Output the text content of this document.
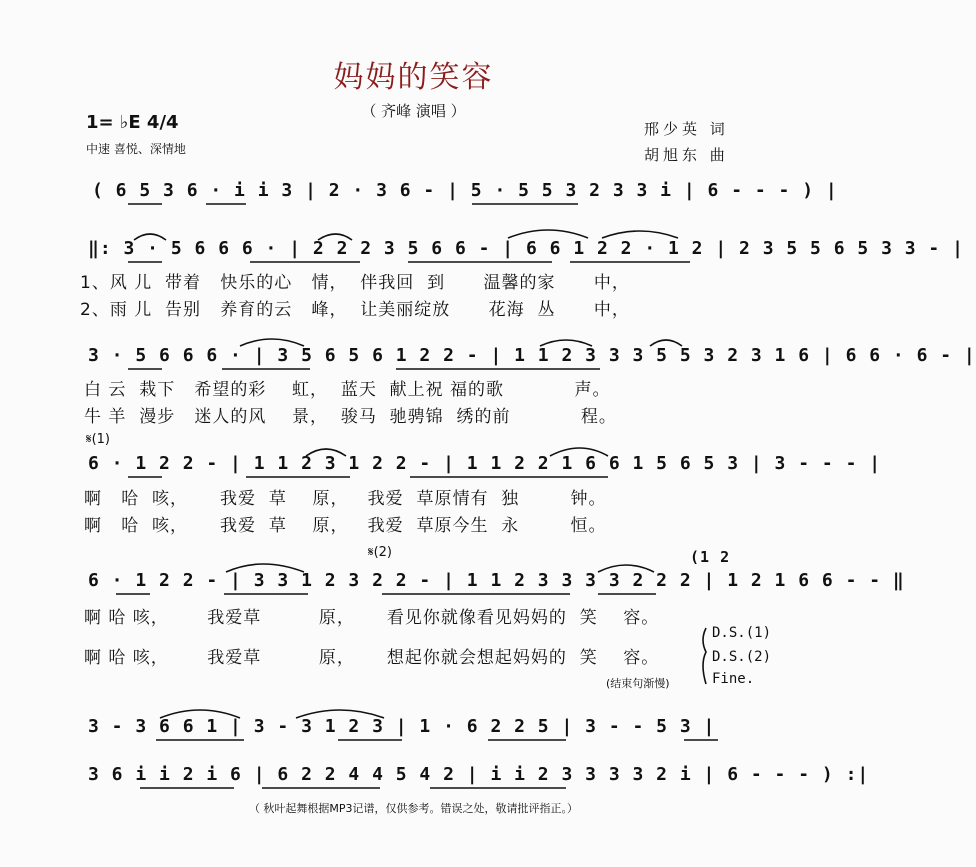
妈妈的笑容
（ 齐峰 演唱 ）
1= ♭E 4/4
中速 喜悦、深情地
邢少英 词
胡旭东 曲
( 6 5 3 6 · i i 3 | 2 · 3 6 - | 5 · 5 5 3 2 3 3 i | 6 - - - ) |
‖: 3 · 5 6 6 6 · | 2 2 2 3 5 6 6 - | 6 6 1 2 2 · 1 2 | 2 3 5 5 6 5 3 3 - |
1、风 儿  带着   快乐的心   情，  伴我回  到      温馨的家      中，
2、雨 儿  告别   养育的云   峰，  让美丽绽放      花海  丛      中，
3 · 5 6 6 6 · | 3 5 6 5 6 1 2 2 - | 1 1 2 3 3 3 5 5 3 2 3 1 6 | 6 6 · 6 - |
白 云  栽下   希望的彩    虹，  蓝天  献上祝 福的歌           声。
牛 羊  漫步   迷人的风    景，  骏马  驰骋锦  绣的前           程。
𝄋(1)
6 · 1 2 2 - | 1 1 2 3 1 2 2 - | 1 1 2 2 1 6 6 1 5 6 5 3 | 3 - - - |
啊   哈  咳，     我爱  草    原，   我爱  草原情有  独        钟。
啊   哈  咳，     我爱  草    原，   我爱  草原今生  永        恒。
𝄋(2)	(1 2
6 · 1 2 2 - | 3 3 1 2 3 2 2 - | 1 1 2 3 3 3 3 2 2 2 | 1 2 1 6 6 - - ‖
啊 哈 咳，      我爱草         原，     看见你就像看见妈妈的  笑    容。
啊 哈 咳，      我爱草         原，     想起你就会想起妈妈的  笑    容。
D.S.(1)
D.S.(2)
Fine.
(结束句渐慢)
3 - 3 6 6 1 | 3 - 3 1 2 3 | 1 · 6 2 2 5 | 3 - - 5 3 |
3 6 i i 2 i 6 | 6 2 2 4 4 5 4 2 | i i 2 3 3 3 3 2 i | 6 - - - ) :|
（ 秋叶起舞根据MP3记谱，仅供参考。错误之处，敬请批评指正。）
